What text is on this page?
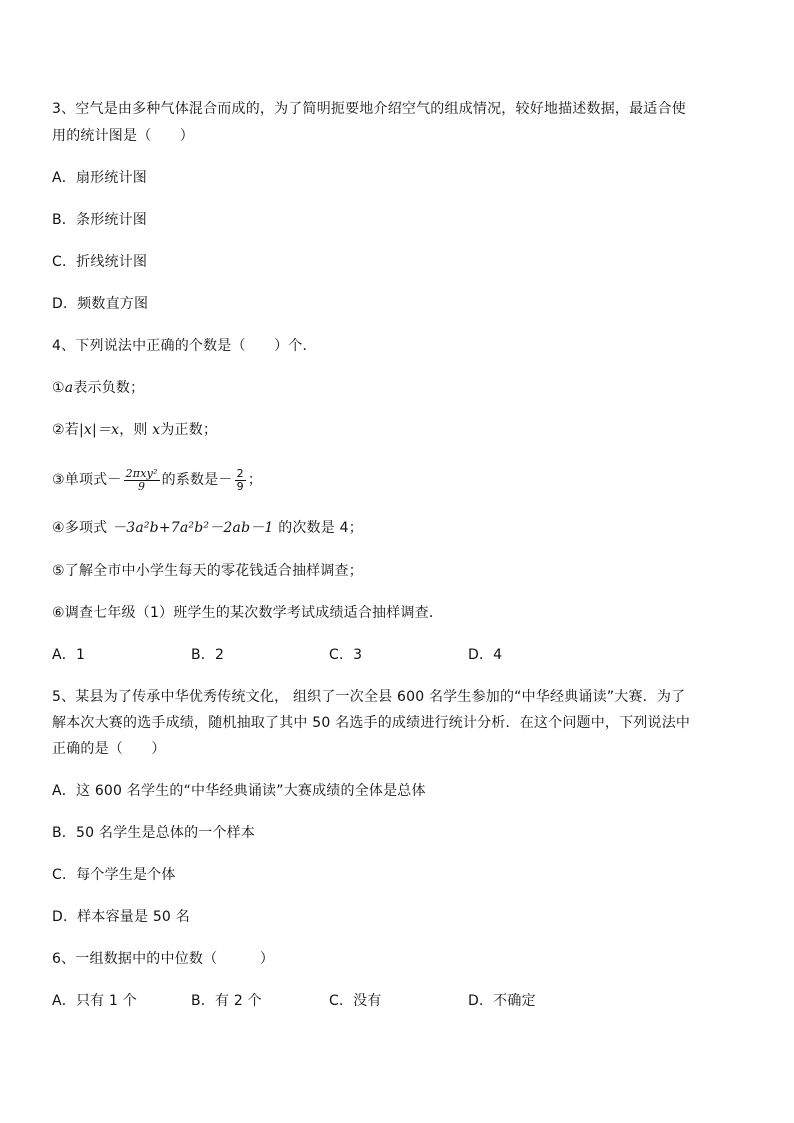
3、空气是由多种气体混合而成的，为了简明扼要地介绍空气的组成情况，较好地描述数据，最适合使
用的统计图是（　　）
A．扇形统计图
B．条形统计图
C．折线统计图
D．频数直方图
4、下列说法中正确的个数是（　　）个．
①a表示负数；
②若|x|＝x，则 x为正数；
③单项式－ $\frac{\text{2πxy²}}{9}$ 的系数是－ $\frac{2}{9}$ ；
④多项式 －3a²b+7a²b²－2ab－1 的次数是 4；
⑤了解全市中小学生每天的零花钱适合抽样调查；
⑥调查七年级（1）班学生的某次数学考试成绩适合抽样调查．
A．1	B．2	C．3	D．4
5、某县为了传承中华优秀传统文化， 组织了一次全县 600 名学生参加的“中华经典诵读”大赛．为了
解本次大赛的选手成绩，随机抽取了其中 50 名选手的成绩进行统计分析．在这个问题中，下列说法中
正确的是（　　）
A．这 600 名学生的“中华经典诵读”大赛成绩的全体是总体
B．50 名学生是总体的一个样本
C．每个学生是个体
D．样本容量是 50 名
6、一组数据中的中位数（　　　）
A．只有 1 个	B．有 2 个	C．没有	D．不确定
